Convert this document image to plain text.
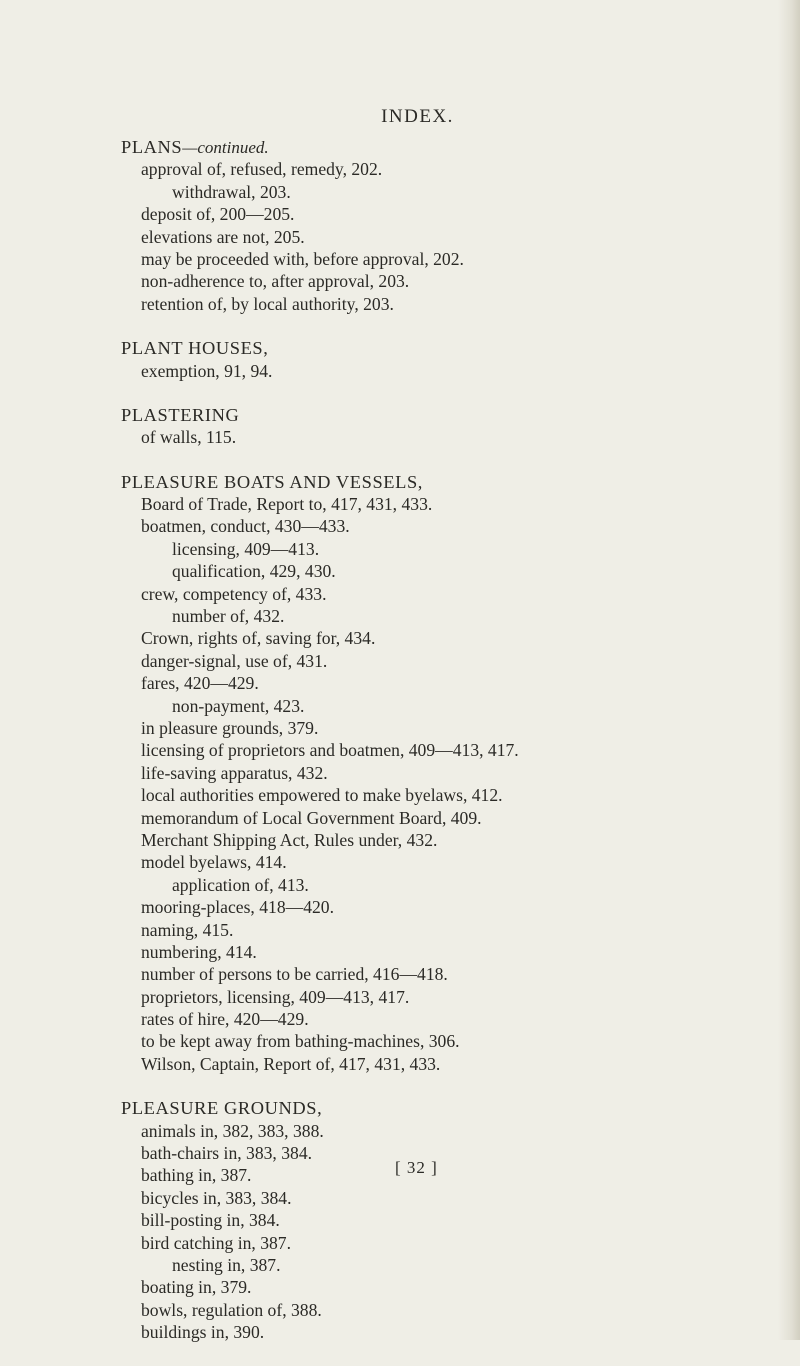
INDEX.
PLANS—continued.
approval of, refused, remedy, 202.
withdrawal, 203.
deposit of, 200—205.
elevations are not, 205.
may be proceeded with, before approval, 202.
non-adherence to, after approval, 203.
retention of, by local authority, 203.
PLANT HOUSES,
exemption, 91, 94.
PLASTERING
of walls, 115.
PLEASURE BOATS AND VESSELS,
Board of Trade, Report to, 417, 431, 433.
boatmen, conduct, 430—433.
licensing, 409—413.
qualification, 429, 430.
crew, competency of, 433.
number of, 432.
Crown, rights of, saving for, 434.
danger-signal, use of, 431.
fares, 420—429.
non-payment, 423.
in pleasure grounds, 379.
licensing of proprietors and boatmen, 409—413, 417.
life-saving apparatus, 432.
local authorities empowered to make byelaws, 412.
memorandum of Local Government Board, 409.
Merchant Shipping Act, Rules under, 432.
model byelaws, 414.
application of, 413.
mooring-places, 418—420.
naming, 415.
numbering, 414.
number of persons to be carried, 416—418.
proprietors, licensing, 409—413, 417.
rates of hire, 420—429.
to be kept away from bathing-machines, 306.
Wilson, Captain, Report of, 417, 431, 433.
PLEASURE GROUNDS,
animals in, 382, 383, 388.
bath-chairs in, 383, 384.
bathing in, 387.
bicycles in, 383, 384.
bill-posting in, 384.
bird catching in, 387.
nesting in, 387.
boating in, 379.
bowls, regulation of, 388.
buildings in, 390.
[ 32 ]
